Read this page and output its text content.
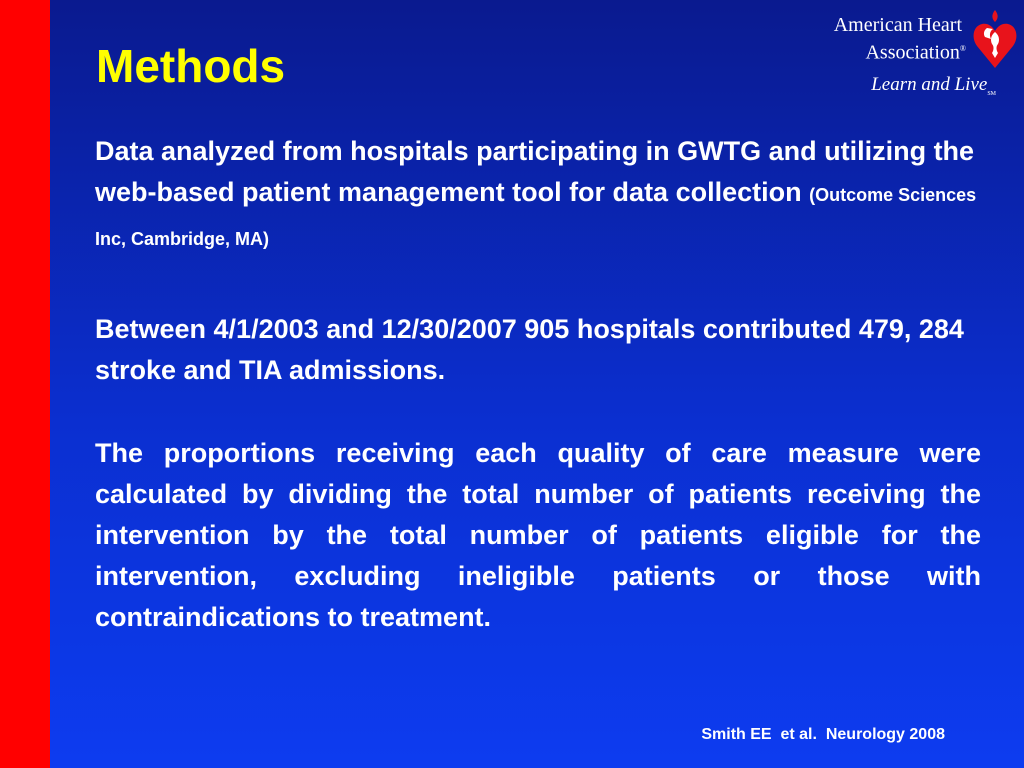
Methods
American Heart
Association®
Learn and Live$_{SM}$

Data analyzed from hospitals participating in GWTG and utilizing the web-based patient management tool for data collection (Outcome Sciences Inc, Cambridge, MA)

Between 4/1/2003 and 12/30/2007 905 hospitals contributed 479, 284 stroke and TIA admissions.

The proportions receiving each quality of care measure were calculated by dividing the total number of patients receiving the intervention by the total number of patients eligible for the intervention, excluding ineligible patients or those with contraindications to treatment.

Smith EE  et al.  Neurology 2008
